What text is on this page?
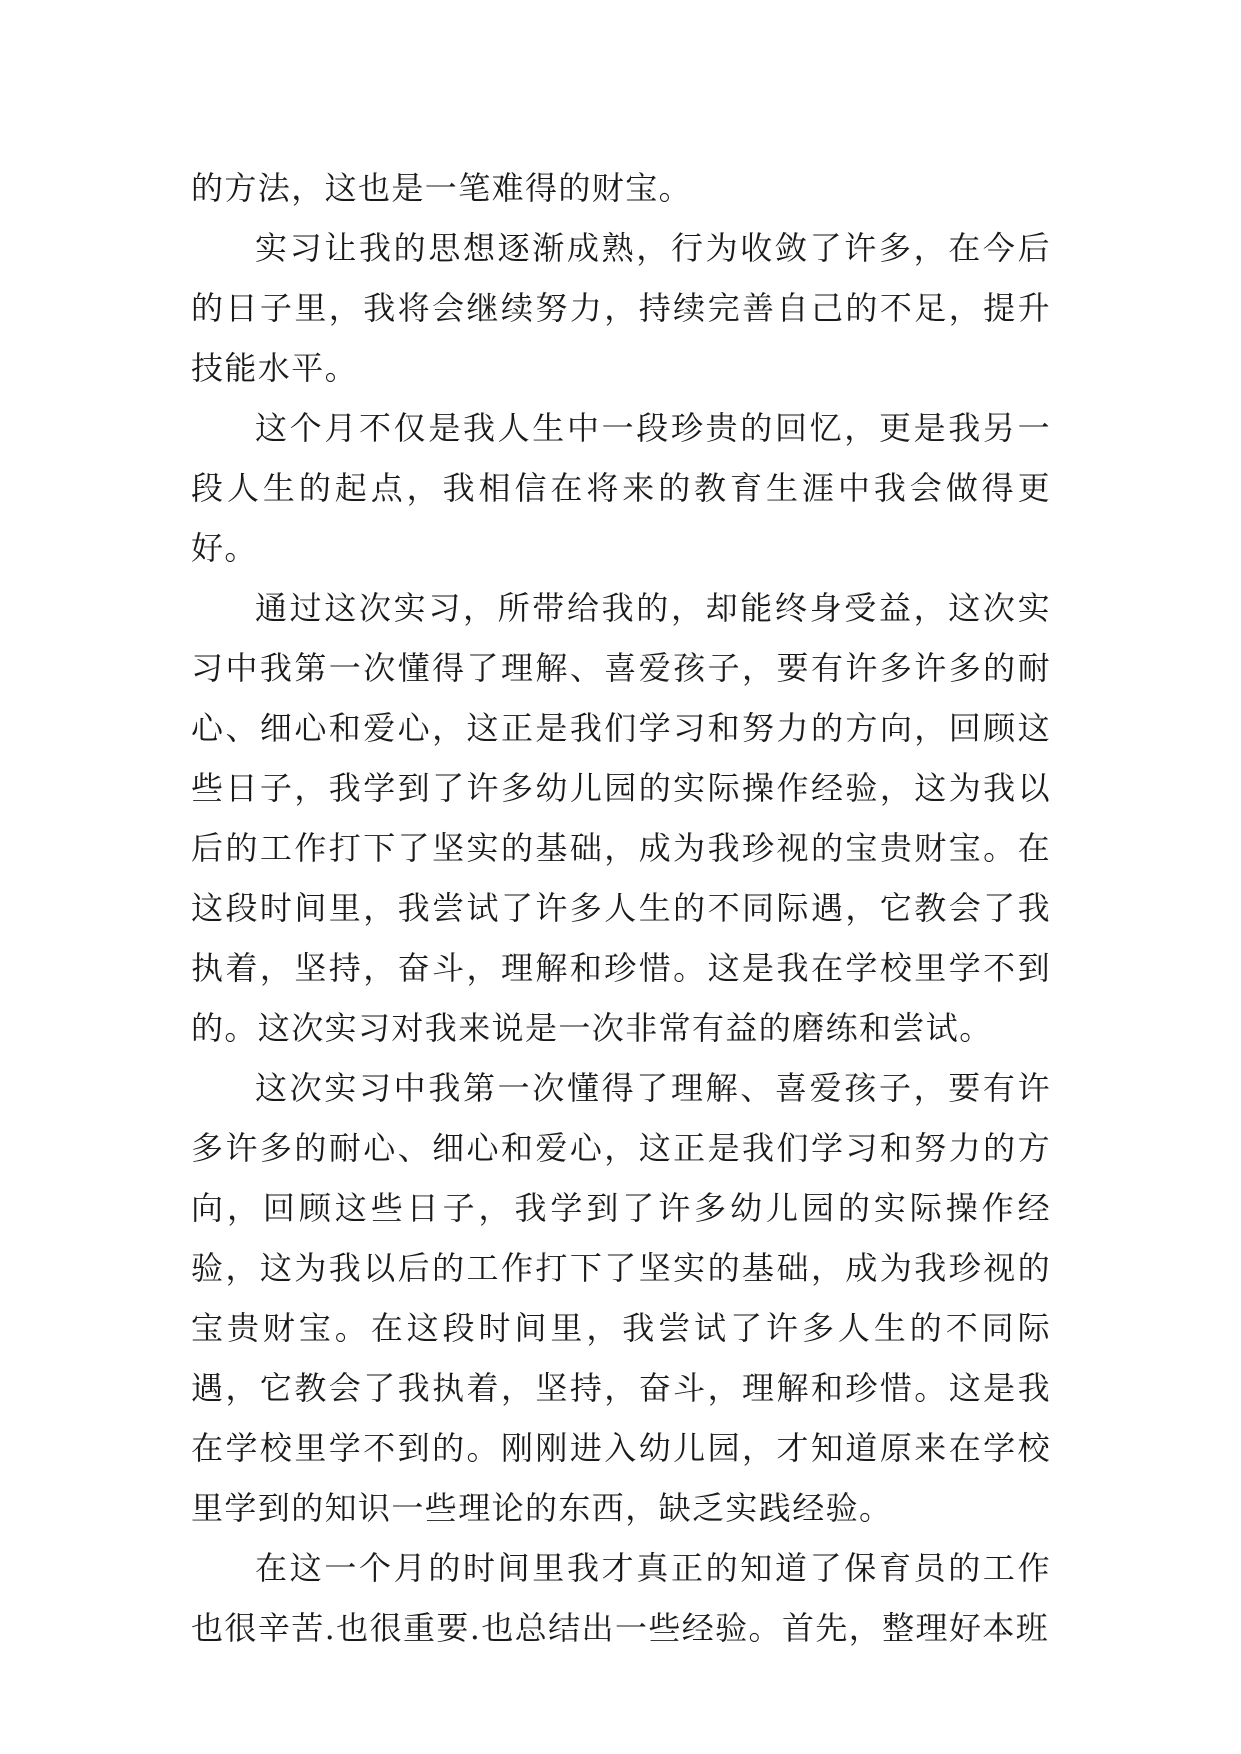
的方法，这也是一笔难得的财宝。

实习让我的思想逐渐成熟，行为收敛了许多，在今后的日子里，我将会继续努力，持续完善自己的不足，提升技能水平。

这个月不仅是我人生中一段珍贵的回忆，更是我另一段人生的起点，我相信在将来的教育生涯中我会做得更好。

通过这次实习，所带给我的，却能终身受益，这次实习中我第一次懂得了理解、喜爱孩子，要有许多许多的耐心、细心和爱心，这正是我们学习和努力的方向，回顾这些日子，我学到了许多幼儿园的实际操作经验，这为我以后的工作打下了坚实的基础，成为我珍视的宝贵财宝。在这段时间里，我尝试了许多人生的不同际遇，它教会了我执着，坚持，奋斗，理解和珍惜。这是我在学校里学不到的。这次实习对我来说是一次非常有益的磨练和尝试。

这次实习中我第一次懂得了理解、喜爱孩子，要有许多许多的耐心、细心和爱心，这正是我们学习和努力的方向，回顾这些日子，我学到了许多幼儿园的实际操作经验，这为我以后的工作打下了坚实的基础，成为我珍视的宝贵财宝。在这段时间里，我尝试了许多人生的不同际遇，它教会了我执着，坚持，奋斗，理解和珍惜。这是我在学校里学不到的。刚刚进入幼儿园，才知道原来在学校里学到的知识一些理论的东西，缺乏实践经验。

在这一个月的时间里我才真正的知道了保育员的工作也很辛苦.也很重要.也总结出一些经验。首先，整理好本班
